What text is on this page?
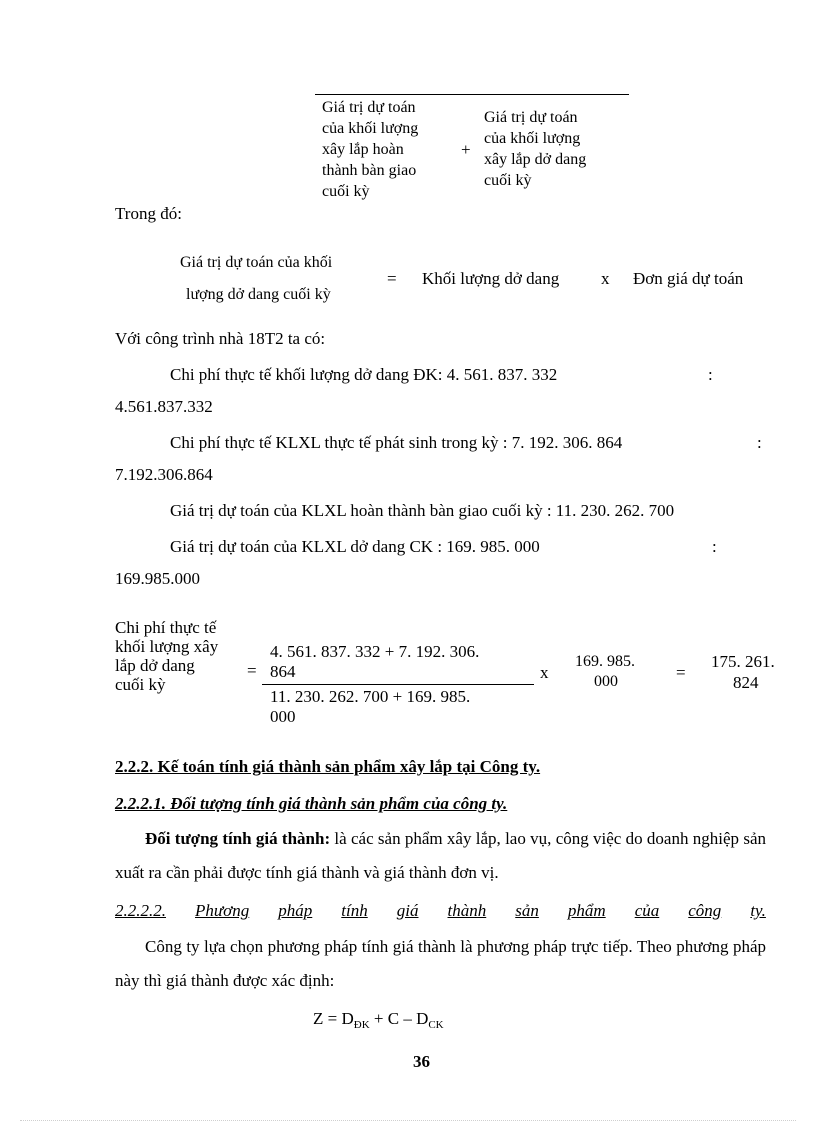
Giá trị dự toán
của khối lượng
xây lắp hoàn
thành bàn giao
cuối kỳ
+
Giá trị dự toán
của khối lượng
xây lắp dở dang
cuối kỳ
Trong đó:
Giá trị dự toán của khối
lượng dở dang cuối kỳ
= Khối lượng dở dang x Đơn giá dự toán
Với công trình nhà 18T2 ta có:
Chi phí thực tế khối lượng dở dang ĐK: 4. 561. 837. 332	:
4.561.837.332
Chi phí thực tế KLXL thực tế phát sinh trong kỳ : 7. 192. 306. 864	:
7.192.306.864
Giá trị dự toán của KLXL hoàn thành bàn giao cuối kỳ : 11. 230. 262. 700
Giá trị dự toán của KLXL dở dang CK : 169. 985. 000	:
169.985.000
Chi phí thực tế
khối lượng xây
lắp dở dang
cuối kỳ
=
4. 561. 837. 332 + 7. 192. 306.
864
11. 230. 262. 700 + 169. 985.
000
x
169. 985.
000	=
175. 261.
824
2.2.2. Kế toán tính giá thành sản phẩm xây lắp tại Công ty.
2.2.2.1. Đối tượng tính giá thành sản phẩm của công ty.
Đối tượng tính giá thành: là các sản phẩm xây lắp, lao vụ, công việc do doanh nghiệp sản xuất ra cần phải được tính giá thành và giá thành đơn vị.
2.2.2.2. Phương pháp tính giá thành sản phẩm của công ty.
Công ty lựa chọn phương pháp tính giá thành là phương pháp trực tiếp. Theo phương pháp này thì giá thành được xác định:
$Z = D_{ĐK} + C - D_{CK}$
36
